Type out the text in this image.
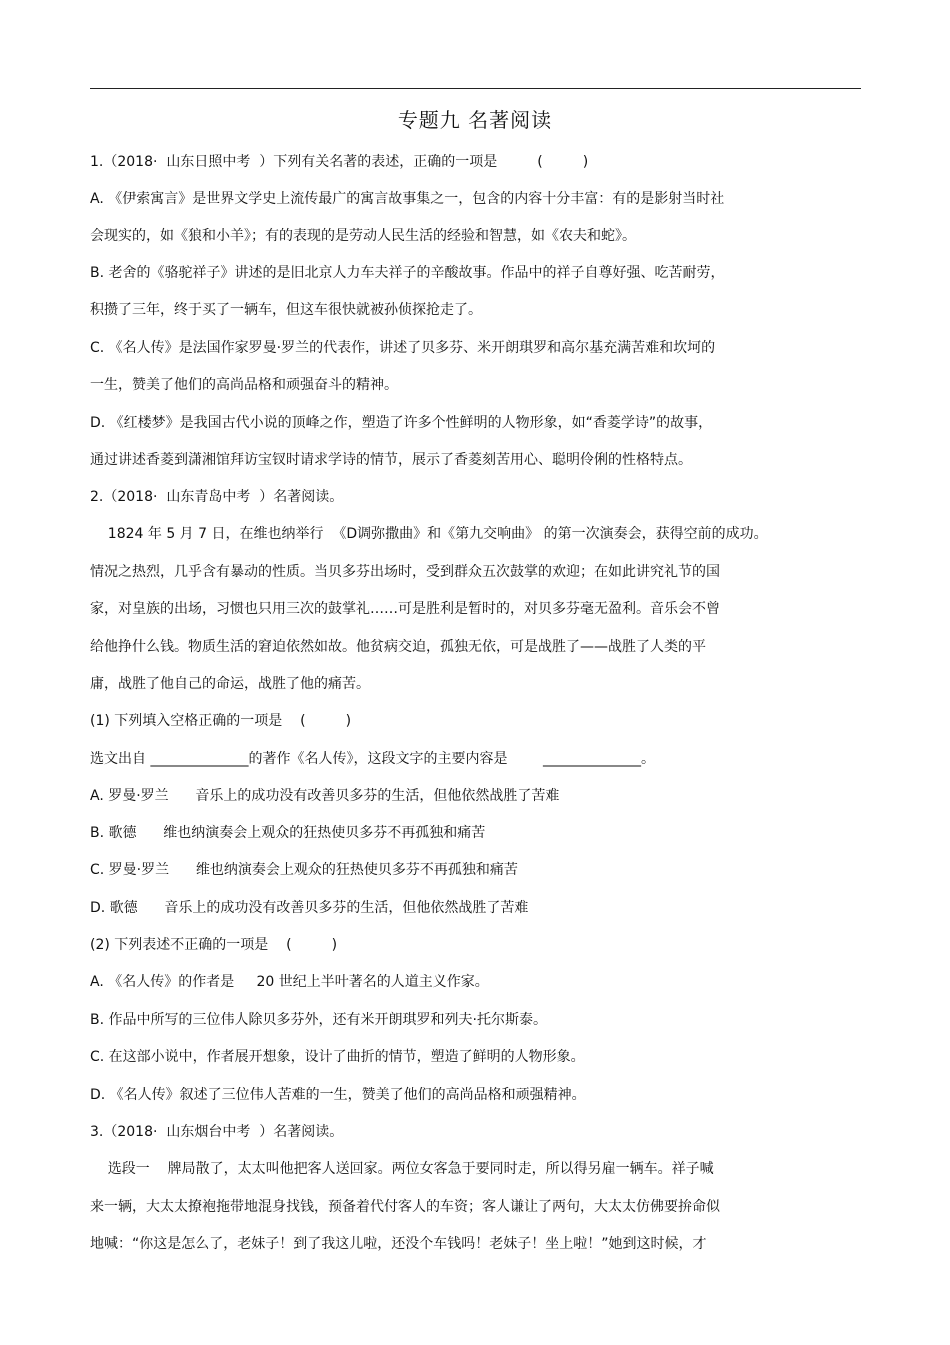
专题九 名著阅读
1.（2018·  山东日照中考  ）下列有关名著的表述，正确的一项是         (         )
A. 《伊索寓言》是世界文学史上流传最广的寓言故事集之一，包含的内容十分丰富：有的是影射当时社
会现实的，如《狼和小羊》；有的表现的是劳动人民生活的经验和智慧，如《农夫和蛇》。
B. 老舍的《骆驼祥子》讲述的是旧北京人力车夫祥子的辛酸故事。作品中的祥子自尊好强、吃苦耐劳，
积攒了三年，终于买了一辆车，但这车很快就被孙侦探抢走了。
C. 《名人传》是法国作家罗曼·罗兰的代表作，讲述了贝多芬、米开朗琪罗和高尔基充满苦难和坎坷的
一生，赞美了他们的高尚品格和顽强奋斗的精神。
D. 《红楼梦》是我国古代小说的顶峰之作，塑造了许多个性鲜明的人物形象，如“香菱学诗”的故事，
通过讲述香菱到潇湘馆拜访宝钗时请求学诗的情节，展示了香菱刻苦用心、聪明伶俐的性格特点。
2.（2018·  山东青岛中考  ）名著阅读。
1824 年 5 月 7 日，在维也纳举行  《D调弥撒曲》和《第九交响曲》 的第一次演奏会，获得空前的成功。
情况之热烈，几乎含有暴动的性质。当贝多芬出场时，受到群众五次鼓掌的欢迎；在如此讲究礼节的国
家，对皇族的出场，习惯也只用三次的鼓掌礼……可是胜利是暂时的，对贝多芬毫无盈利。音乐会不曾
给他挣什么钱。物质生活的窘迫依然如故。他贫病交迫，孤独无依，可是战胜了——战胜了人类的平
庸，战胜了他自己的命运，战胜了他的痛苦。
(1) 下列填入空格正确的一项是    (         )
选文出自 ______________的著作《名人传》，这段文字的主要内容是        ______________。
A. 罗曼·罗兰      音乐上的成功没有改善贝多芬的生活，但他依然战胜了苦难
B. 歌德      维也纳演奏会上观众的狂热使贝多芬不再孤独和痛苦
C. 罗曼·罗兰      维也纳演奏会上观众的狂热使贝多芬不再孤独和痛苦
D. 歌德      音乐上的成功没有改善贝多芬的生活，但他依然战胜了苦难
(2) 下列表述不正确的一项是    (         )
A. 《名人传》的作者是     20 世纪上半叶著名的人道主义作家。
B. 作品中所写的三位伟人除贝多芬外，还有米开朗琪罗和列夫·托尔斯泰。
C. 在这部小说中，作者展开想象，设计了曲折的情节，塑造了鲜明的人物形象。
D. 《名人传》叙述了三位伟人苦难的一生，赞美了他们的高尚品格和顽强精神。
3.（2018·  山东烟台中考  ）名著阅读。
选段一    牌局散了，太太叫他把客人送回家。两位女客急于要同时走，所以得另雇一辆车。祥子喊
来一辆，大太太撩袍拖带地混身找钱，预备着代付客人的车资；客人谦让了两句，大太太仿佛要拚命似
地喊：“你这是怎么了，老妹子！到了我这儿啦，还没个车钱吗！老妹子！坐上啦！”她到这时候，才
